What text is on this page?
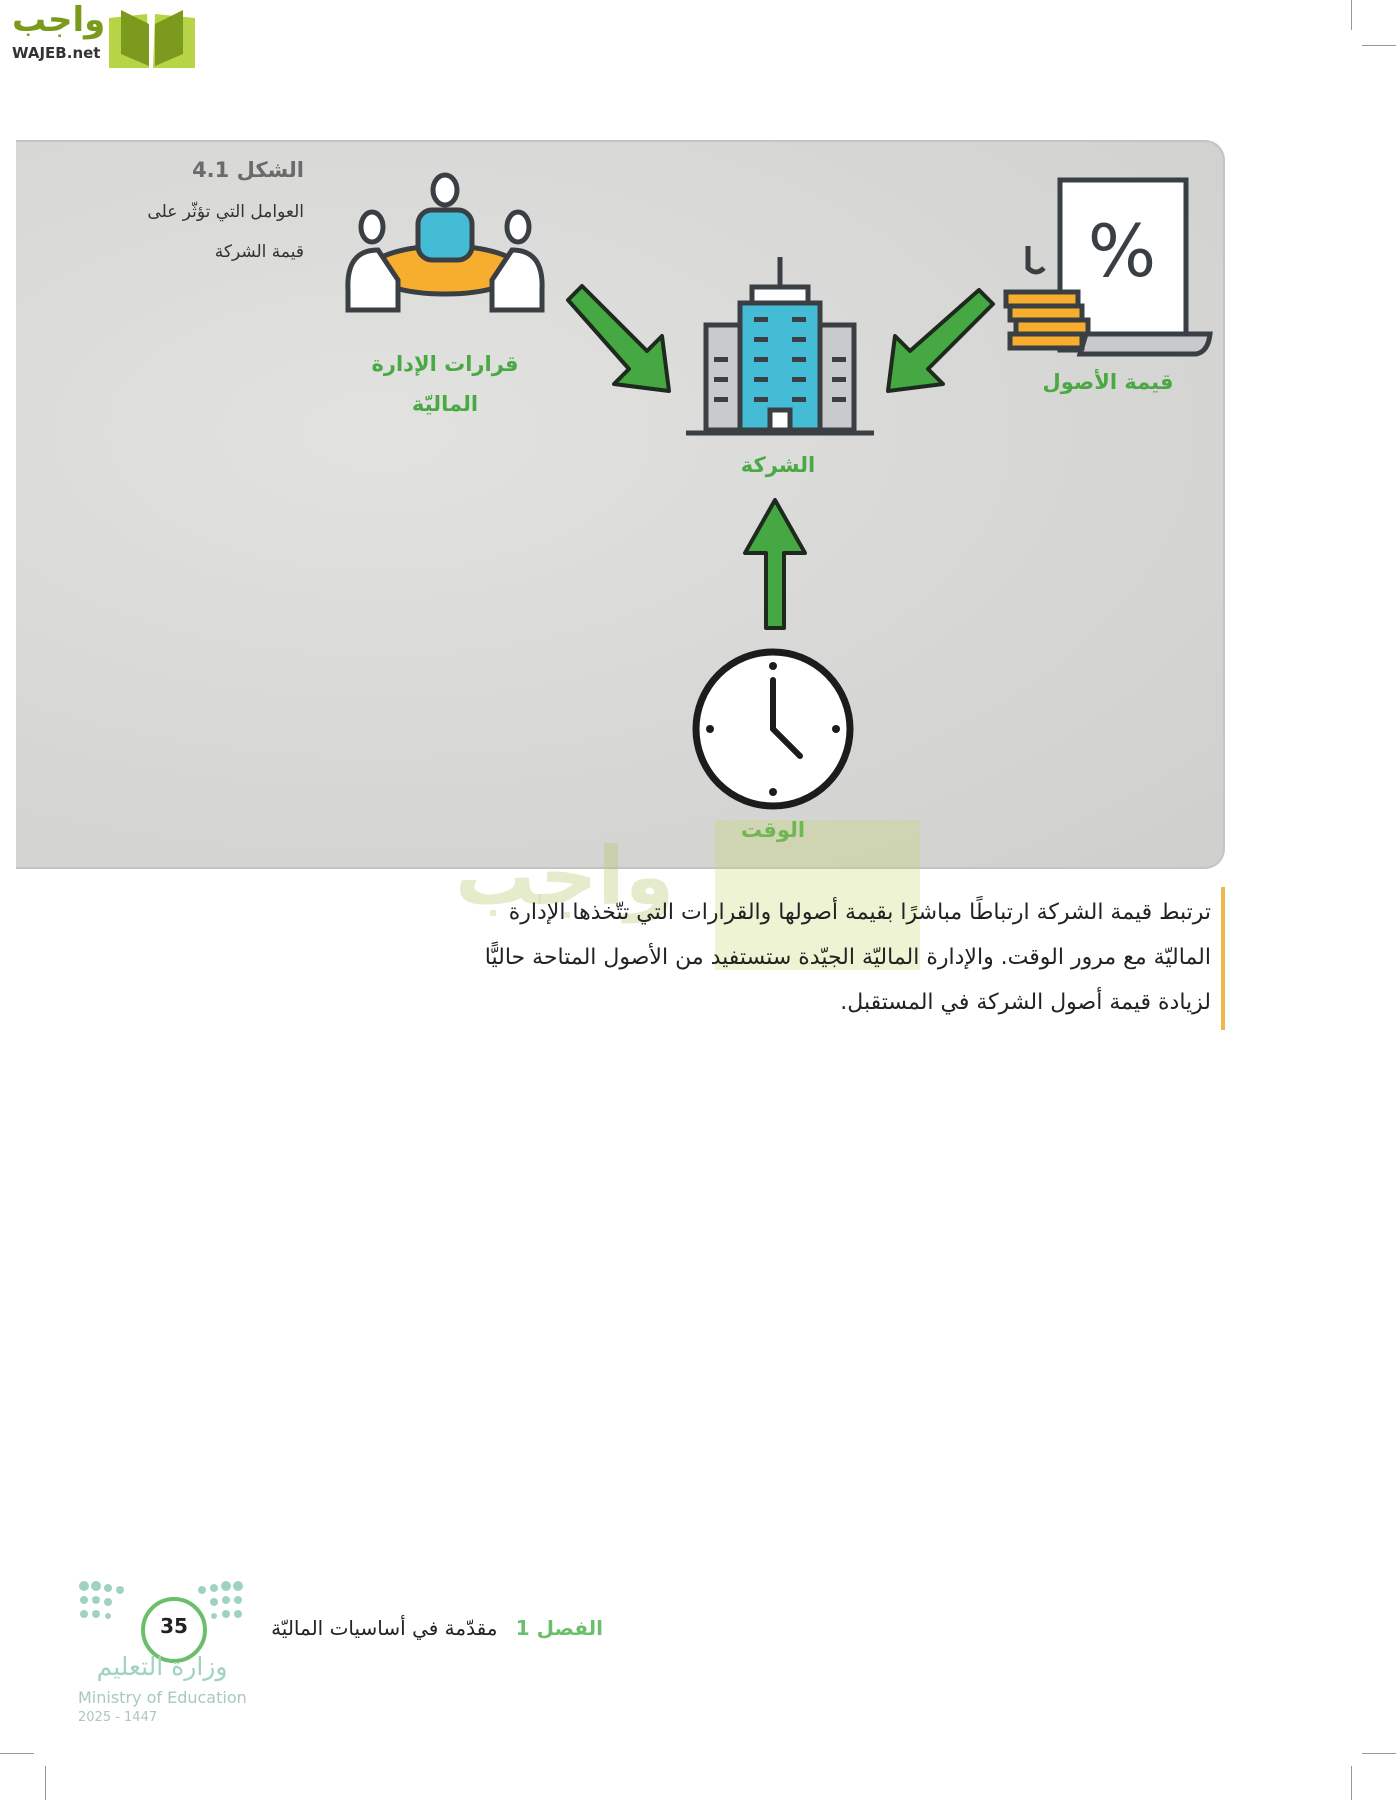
واجب
WAJEB.net
الشكل 4.1
العوامل التي تؤثّر على
قيمة الشركة
قرارات الإدارة
الماليّة
الشركة
%
قيمة الأصول
الوقت
واجب
ترتبط قيمة الشركة ارتباطًا مباشرًا بقيمة أصولها والقرارات التي تتّخذها الإدارة
الماليّة مع مرور الوقت. والإدارة الماليّة الجيّدة ستستفيد من الأصول المتاحة حاليًّا
لزيادة قيمة أصول الشركة في المستقبل.
35	الفصل 1 مقدّمة في أساسيات الماليّة
وزارة التعليم
Ministry of Education
2025 - 1447
